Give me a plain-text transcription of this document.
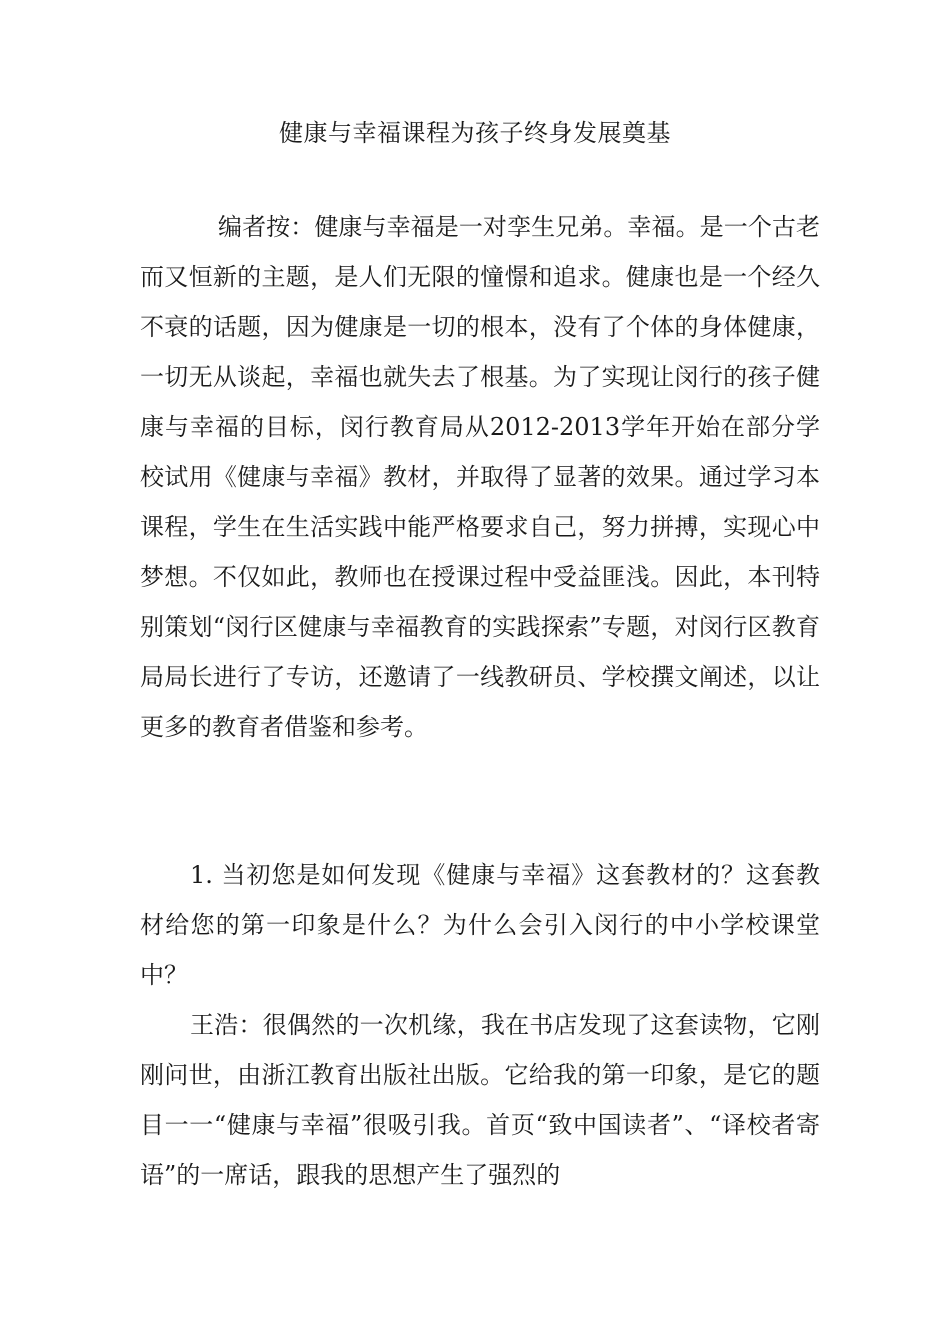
健康与幸福课程为孩子终身发展奠基

编者按：健康与幸福是一对孪生兄弟。幸福。是一个古老而又恒新的主题，是人们无限的憧憬和追求。健康也是一个经久不衰的话题，因为健康是一切的根本，没有了个体的身体健康，一切无从谈起，幸福也就失去了根基。为了实现让闵行的孩子健康与幸福的目标，闵行教育局从2012-2013学年开始在部分学校试用《健康与幸福》教材，并取得了显著的效果。通过学习本课程，学生在生活实践中能严格要求自己，努力拼搏，实现心中梦想。不仅如此，教师也在授课过程中受益匪浅。因此，本刊特别策划“闵行区健康与幸福教育的实践探索”专题，对闵行区教育局局长进行了专访，还邀请了一线教研员、学校撰文阐述，以让更多的教育者借鉴和参考。

1. 当初您是如何发现《健康与幸福》这套教材的？这套教材给您的第一印象是什么？为什么会引入闵行的中小学校课堂中？

王浩：很偶然的一次机缘，我在书店发现了这套读物，它刚刚问世，由浙江教育出版社出版。它给我的第一印象，是它的题目一一“健康与幸福”很吸引我。首页“致中国读者”、“译校者寄语”的一席话，跟我的思想产生了强烈的
